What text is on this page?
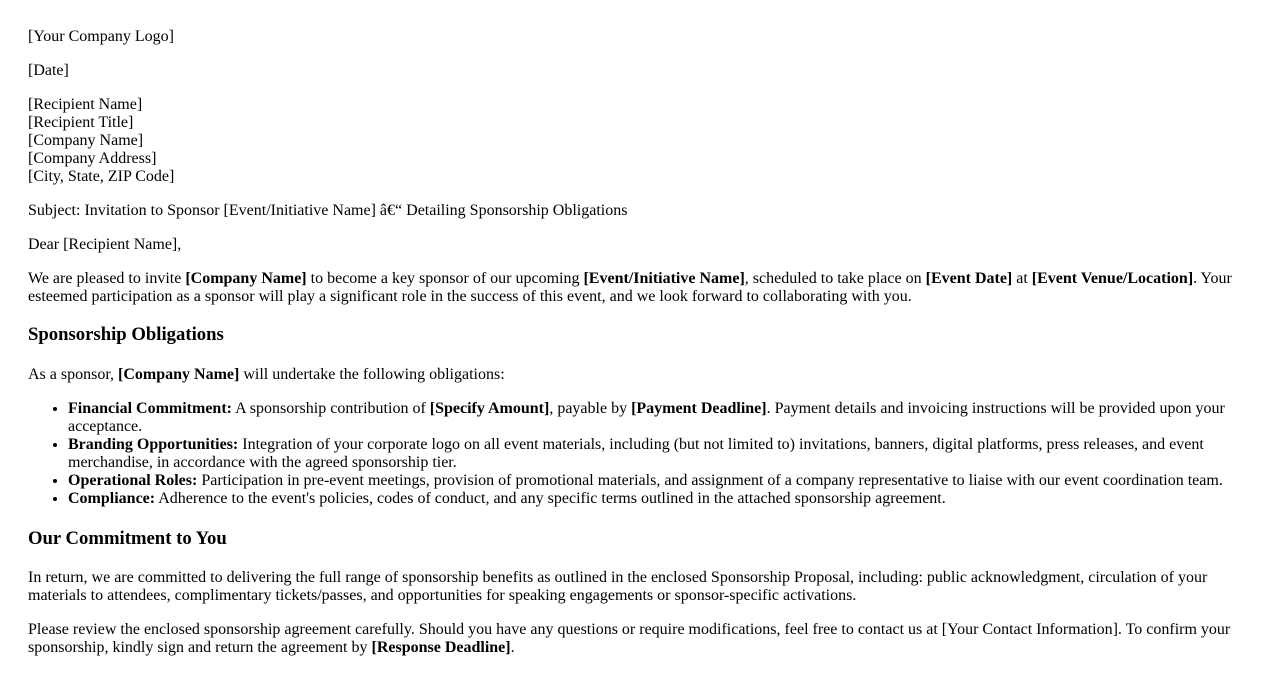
[Your Company Logo]

[Date]

[Recipient Name]
[Recipient Title]
[Company Name]
[Company Address]
[City, State, ZIP Code]

Subject: Invitation to Sponsor [Event/Initiative Name] â€“ Detailing Sponsorship Obligations

Dear [Recipient Name],

We are pleased to invite [Company Name] to become a key sponsor of our upcoming [Event/Initiative Name], scheduled to take place on [Event Date] at [Event Venue/Location]. Your esteemed participation as a sponsor will play a significant role in the success of this event, and we look forward to collaborating with you.

Sponsorship Obligations

As a sponsor, [Company Name] will undertake the following obligations:

• Financial Commitment: A sponsorship contribution of [Specify Amount], payable by [Payment Deadline]. Payment details and invoicing instructions will be provided upon your acceptance.
• Branding Opportunities: Integration of your corporate logo on all event materials, including (but not limited to) invitations, banners, digital platforms, press releases, and event merchandise, in accordance with the agreed sponsorship tier.
• Operational Roles: Participation in pre-event meetings, provision of promotional materials, and assignment of a company representative to liaise with our event coordination team.
• Compliance: Adherence to the event's policies, codes of conduct, and any specific terms outlined in the attached sponsorship agreement.
Our Commitment to You

In return, we are committed to delivering the full range of sponsorship benefits as outlined in the enclosed Sponsorship Proposal, including: public acknowledgment, circulation of your materials to attendees, complimentary tickets/passes, and opportunities for speaking engagements or sponsor-specific activations.

Please review the enclosed sponsorship agreement carefully. Should you have any questions or require modifications, feel free to contact us at [Your Contact Information]. To confirm your sponsorship, kindly sign and return the agreement by [Response Deadline].
